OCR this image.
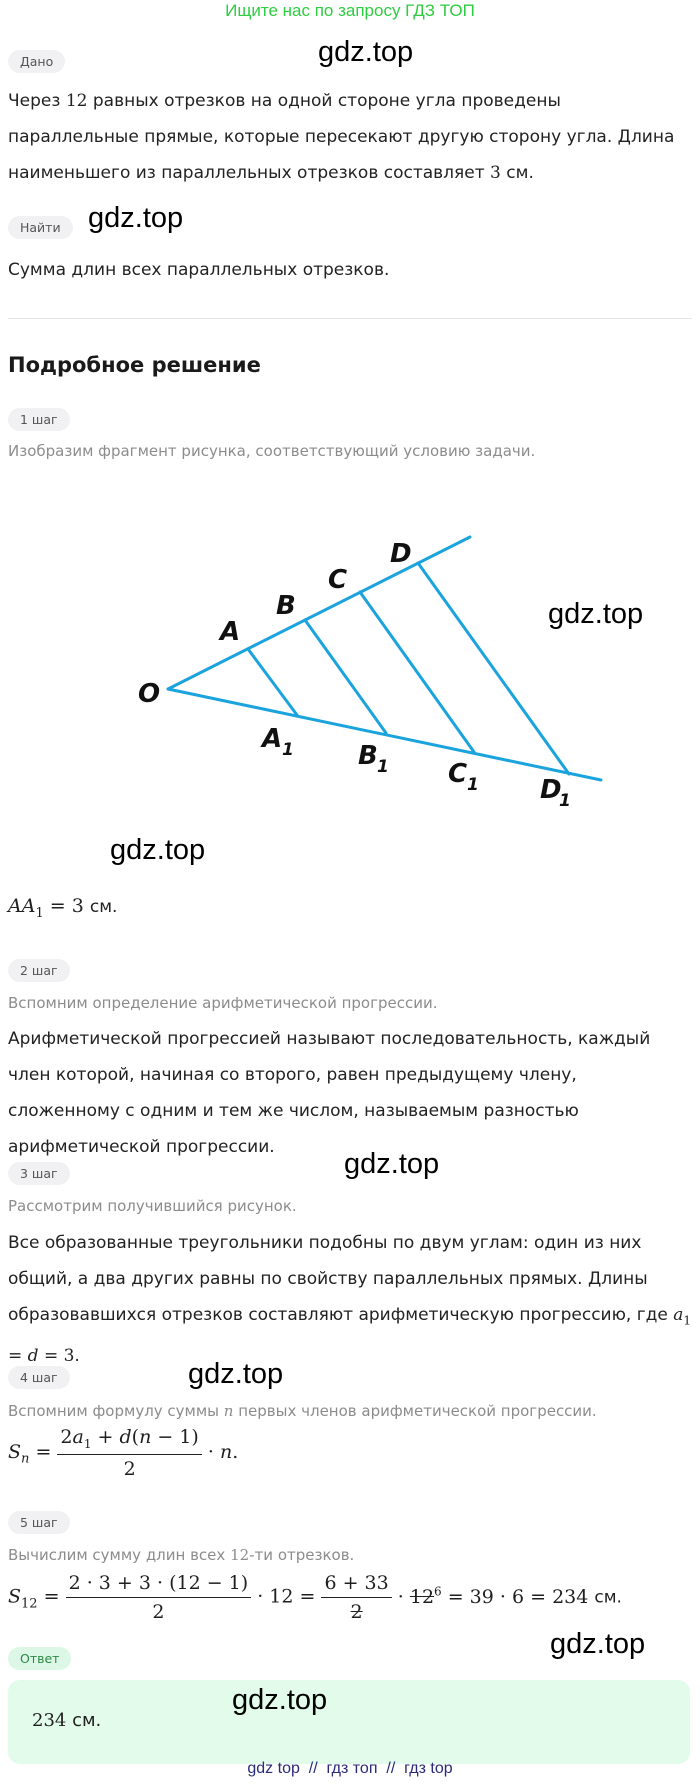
Ищите нас по запросу ГДЗ ТОП
Дано	gdz.top
Через 12 равных отрезков на одной стороне угла проведены параллельные прямые, которые пересекают другую сторону угла. Длина наименьшего из параллельных отрезков составляет 3 см.
Найти gdz.top
Сумма длин всех параллельных отрезков.
Подробное решение
1 шаг
Изобразим фрагмент рисунка, соответствующий условию задачи.
O
A
B
C
D
A 1 B 1 C 1 D
1
gdz.top
gdz.top
$AA_1 = 3$ см.
2 шаг
Вспомним определение арифметической прогрессии.
Арифметической прогрессией называют последовательность, каждый член которой, начиная со второго, равен предыдущему члену, сложенному с одним и тем же числом, называемым разностью арифметической прогрессии.
3 шаг	gdz.top
Рассмотрим получившийся рисунок.
Все образованные треугольники подобны по двум углам: один из них общий, а два других равны по свойству параллельных прямых. Длины образовавшихся отрезков составляют арифметическую прогрессию, где $a_1 = d = 3$.
4 шаг	gdz.top
Вспомним формулу суммы n первых членов арифметической прогрессии.
$S_n = \frac{2a_1 + d(n - 1)}{2} \cdot n$.
5 шаг
Вычислим сумму длин всех 12-ти отрезков.
$S_{12} = \frac{2 \cdot 3 + 3 \cdot (12 - 1)}{2} \cdot 12 = \frac{6 + 33}{2} \cdot 12^6 = 39 \cdot 6 = 234$ см.
Ответ	gdz.top
234 см.
gdz.top
gdz top  //  гдз топ  //  гдз top
